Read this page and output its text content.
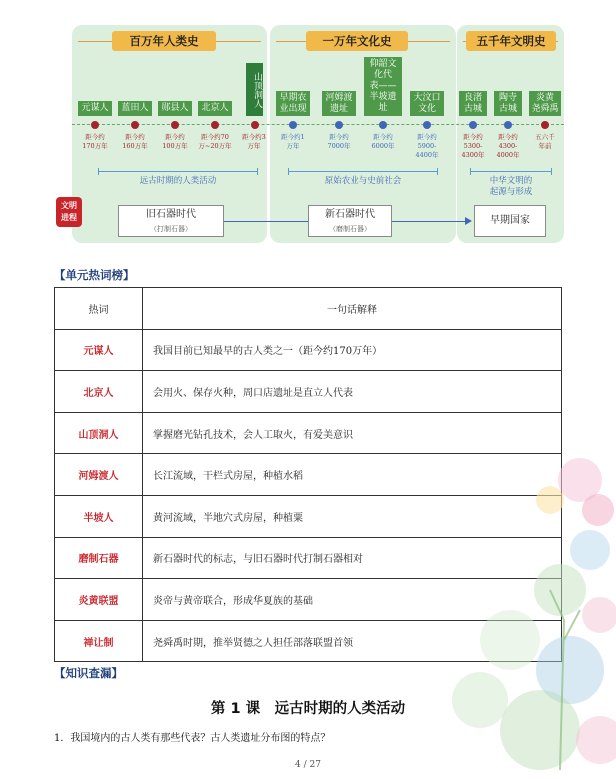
百万年人类史	一万年文化史	五千年文明史
元谋人	蓝田人	郧县人	北京人
山顶洞人	早期农
业出现
河姆渡
遗址
仰韶文
化代
表——
半坡遗
址
大汶口
文化
良渚
古城
陶寺
古城
炎黄
尧舜禹
距今约
170万年
距今约
160万年
距今约
100万年
距今约70
万~20万年
距今约3
万年
距今约1
万年
距今约
7000年
距今约
6000年
距今约
5900-
4400年
距今约
5300-
4300年
距今约
4300-
4000年
五六千
年前
远古时期的人类活动	原始农业与史前社会	中华文明的
起源与形成
旧石器时代
（打制石器）
新石器时代
（磨制石器）
早期国家
文明
进程
【单元热词榜】
热词	一句话解释
元谋人	我国目前已知最早的古人类之一（距今约170万年）
北京人	会用火、保存火种，周口店遗址是直立人代表
山顶洞人	掌握磨光钻孔技术，会人工取火，有爱美意识
河姆渡人	长江流域，干栏式房屋，种植水稻
半坡人	黄河流域，半地穴式房屋，种植粟
磨制石器	新石器时代的标志，与旧石器时代打制石器相对
炎黄联盟	炎帝与黄帝联合，形成华夏族的基础
禅让制	尧舜禹时期，推举贤德之人担任部落联盟首领
【知识查漏】
第 1 课　远古时期的人类活动
1．我国境内的古人类有那些代表？古人类遗址分布图的特点？
4 / 27
